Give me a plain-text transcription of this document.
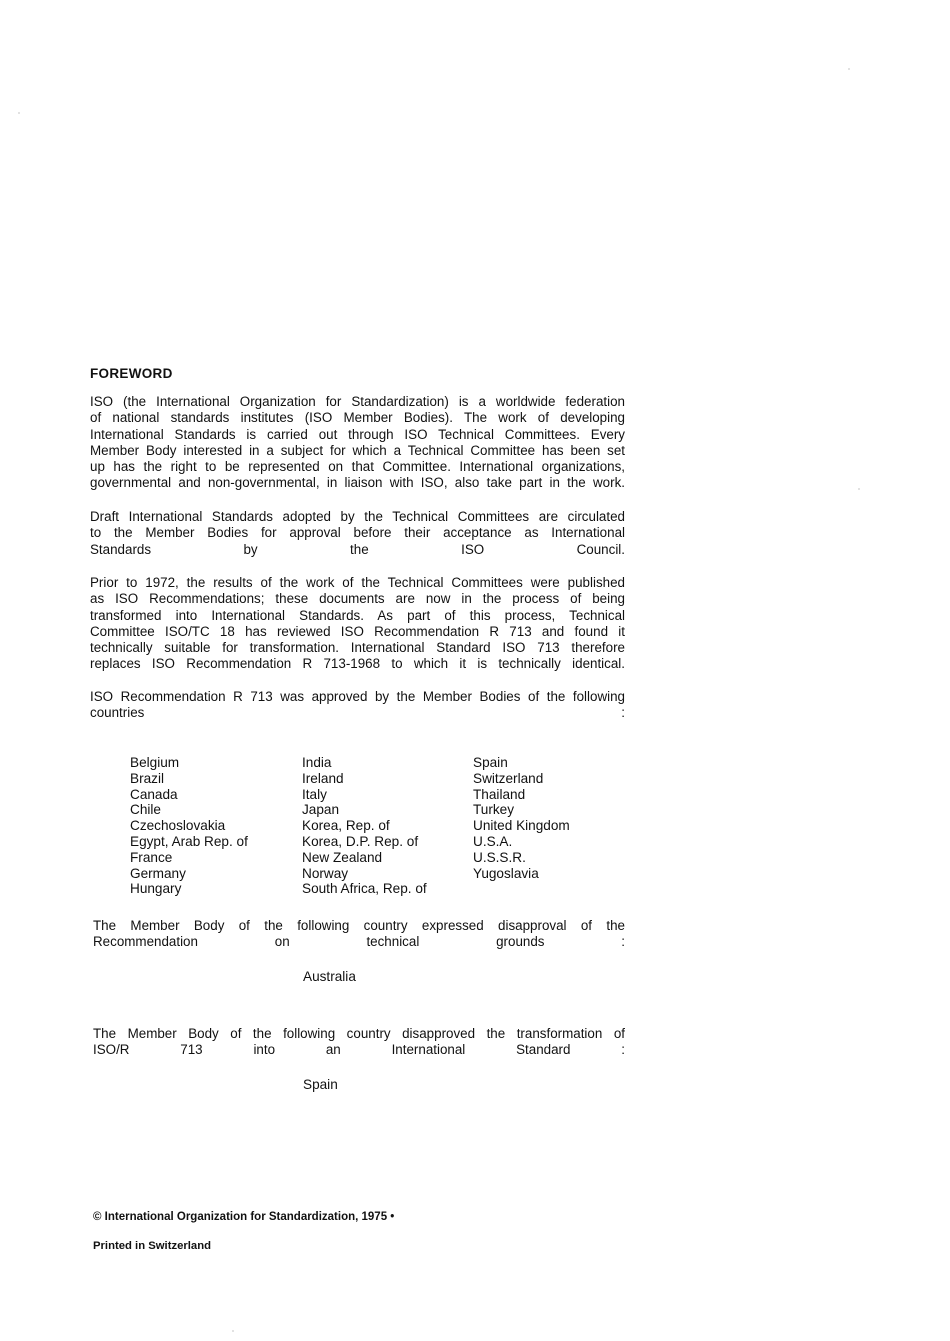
FOREWORD
ISO (the International Organization for Standardization) is a worldwide federation
of national standards institutes (ISO Member Bodies). The work of developing
International Standards is carried out through ISO Technical Committees. Every
Member Body interested in a subject for which a Technical Committee has been set
up has the right to be represented on that Committee. International organizations,
governmental and non-governmental, in liaison with ISO, also take part in the work.
Draft International Standards adopted by the Technical Committees are circulated
to the Member Bodies for approval before their acceptance as International
Standards by the ISO Council.
Prior to 1972, the results of the work of the Technical Committees were published
as ISO Recommendations; these documents are now in the process of being
transformed into International Standards. As part of this process, Technical
Committee ISO/TC 18 has reviewed ISO Recommendation R 713 and found it
technically suitable for transformation. International Standard ISO 713 therefore
replaces ISO Recommendation R 713-1968 to which it is technically identical.
ISO Recommendation R 713 was approved by the Member Bodies of the following
countries :
Belgium
Brazil
Canada
Chile
Czechoslovakia
Egypt, Arab Rep. of
France
Germany
Hungary
India
Ireland
Italy
Japan
Korea, Rep. of
Korea, D.P. Rep. of
New Zealand
Norway
South Africa, Rep. of
Spain
Switzerland
Thailand
Turkey
United Kingdom
U.S.A.
U.S.S.R.
Yugoslavia
The Member Body of the following country expressed disapproval of the
Recommendation on technical grounds :
Australia
The Member Body of the following country disapproved the transformation of
ISO/R 713 into an International Standard :
Spain
© International Organization for Standardization, 1975 •
Printed in Switzerland
